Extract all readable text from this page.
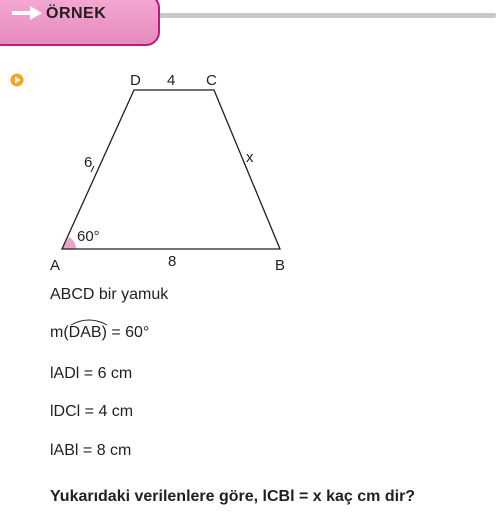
ÖRNEK
D 4 C
6	x
60°
A	8	B
ABCD bir yamuk
m(
DAB) = 60°
lADl = 6 cm
lDCl = 4 cm
lABl = 8 cm
Yukarıdaki verilenlere göre, lCBl = x kaç cm dir?
